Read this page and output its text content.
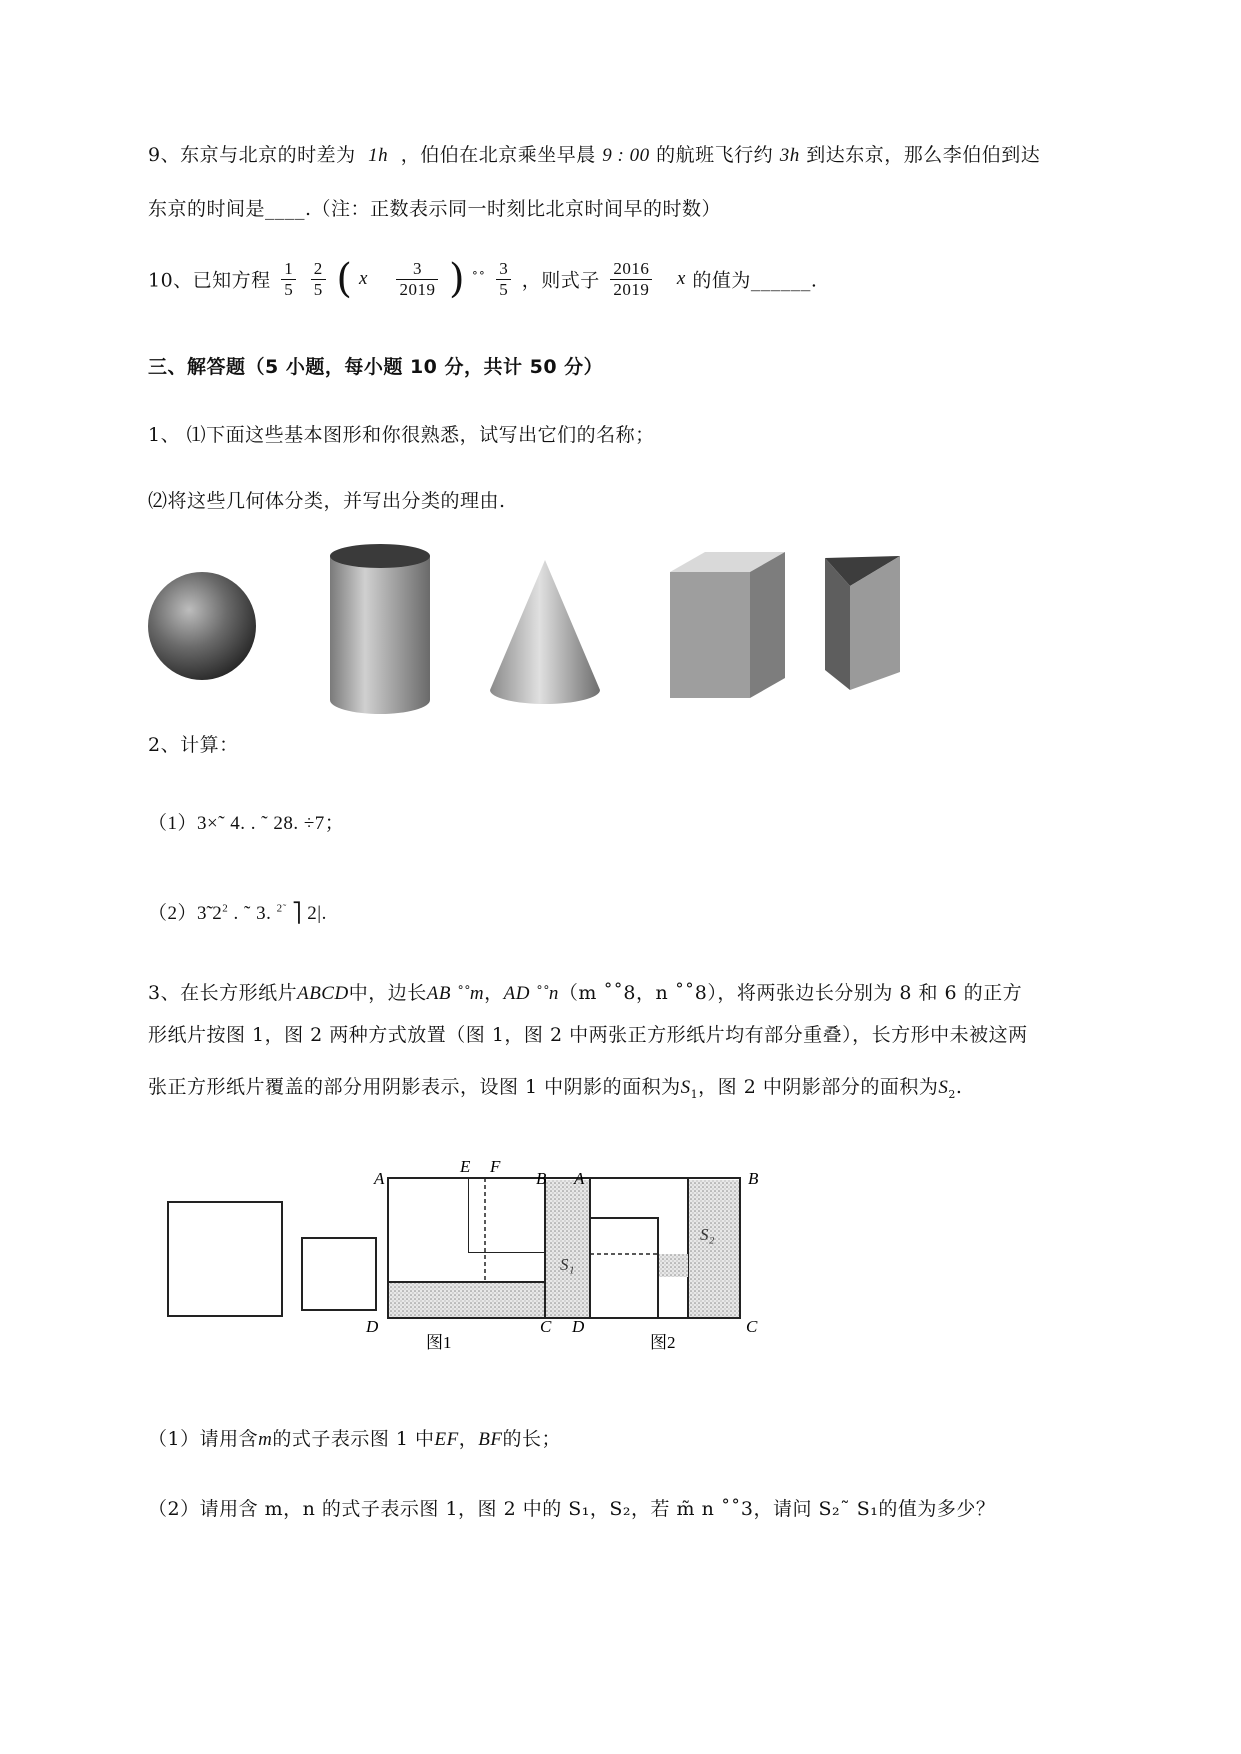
9、东京与北京的时差为 1h ，伯伯在北京乘坐早晨 9 : 00 的航班飞行约 3h 到达东京，那么李伯伯到达
东京的时间是____.（注：正数表示同一时刻比北京时间早的时数）
10、已知方程 $\frac{1}{5}$
$\frac{2}{5}$ ( x $\frac{3}{2019}$ ) ˚˚ $\frac{3}{5}$ ，则式子 $\frac{2016}{2019}$ x 的值为______.
三、解答题（5 小题，每小题 10 分，共计 50 分）
1、 ⑴下面这些基本图形和你很熟悉，试写出它们的名称；
⑵将这些几何体分类，并写出分类的理由.
2、计算：
（1）3×˜ 4. . ˜ 28. ÷7；
（2）3̃ $2^2$ . ˜ 3. $^{2˜}$ ⎤ 2|.
3、在长方形纸片ABCD中，边长AB ˚˚m，AD ˚˚n（m ˚˚8，n ˚˚8），将两张边长分别为 8 和 6 的正方
形纸片按图 1，图 2 两种方式放置（图 1，图 2 中两张正方形纸片均有部分重叠），长方形中未被这两
张正方形纸片覆盖的部分用阴影表示，设图 1 中阴影的面积为$S_1$，图 2 中阴影部分的面积为$S_2$.
S₁
A
E F
B
D	C
图1
S₂
A	B
D	C
图2
（1）请用含m的式子表示图 1 中EF，BF的长；
（2）请用含 m，n 的式子表示图 1，图 2 中的 S₁，S₂，若 m̃ n ˚˚3，请问 S₂˜ S₁的值为多少？
